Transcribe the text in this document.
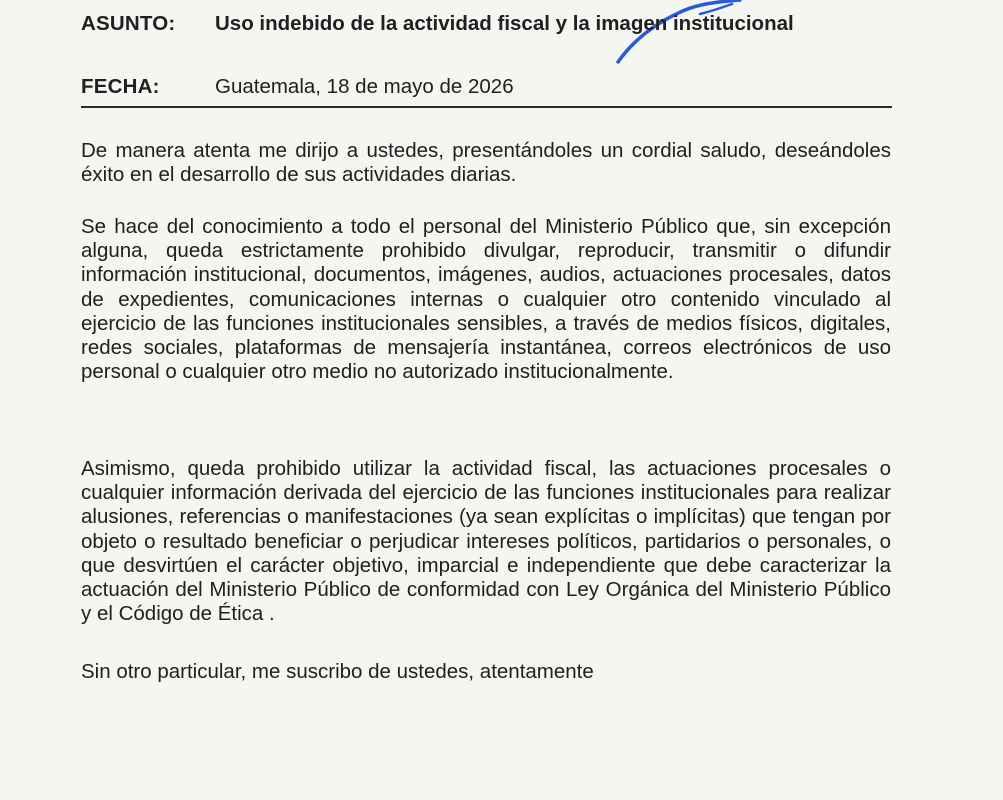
ASUNTO:	Uso indebido de la actividad fiscal y la imagen institucional
FECHA:	Guatemala, 18 de mayo de 2026

De manera atenta me dirijo a ustedes, presentándoles un cordial saludo, deseándoles éxito en el desarrollo de sus actividades diarias.

Se hace del conocimiento a todo el personal del Ministerio Público que, sin excepción alguna, queda estrictamente prohibido divulgar, reproducir, transmitir o difundir información institucional, documentos, imágenes, audios, actuaciones procesales, datos de expedientes, comunicaciones internas o cualquier otro contenido vinculado al ejercicio de las funciones institucionales sensibles, a través de medios físicos, digitales, redes sociales, plataformas de mensajería instantánea, correos electrónicos de uso personal o cualquier otro medio no autorizado institucionalmente.

Asimismo, queda prohibido utilizar la actividad fiscal, las actuaciones procesales o cualquier información derivada del ejercicio de las funciones institucionales para realizar alusiones, referencias o manifestaciones (ya sean explícitas o implícitas) que tengan por objeto o resultado beneficiar o perjudicar intereses políticos, partidarios o personales, o que desvirtúen el carácter objetivo, imparcial e independiente que debe caracterizar la actuación del Ministerio Público de conformidad con Ley Orgánica del Ministerio Público y el Código de Ética .

Sin otro particular, me suscribo de ustedes, atentamente
